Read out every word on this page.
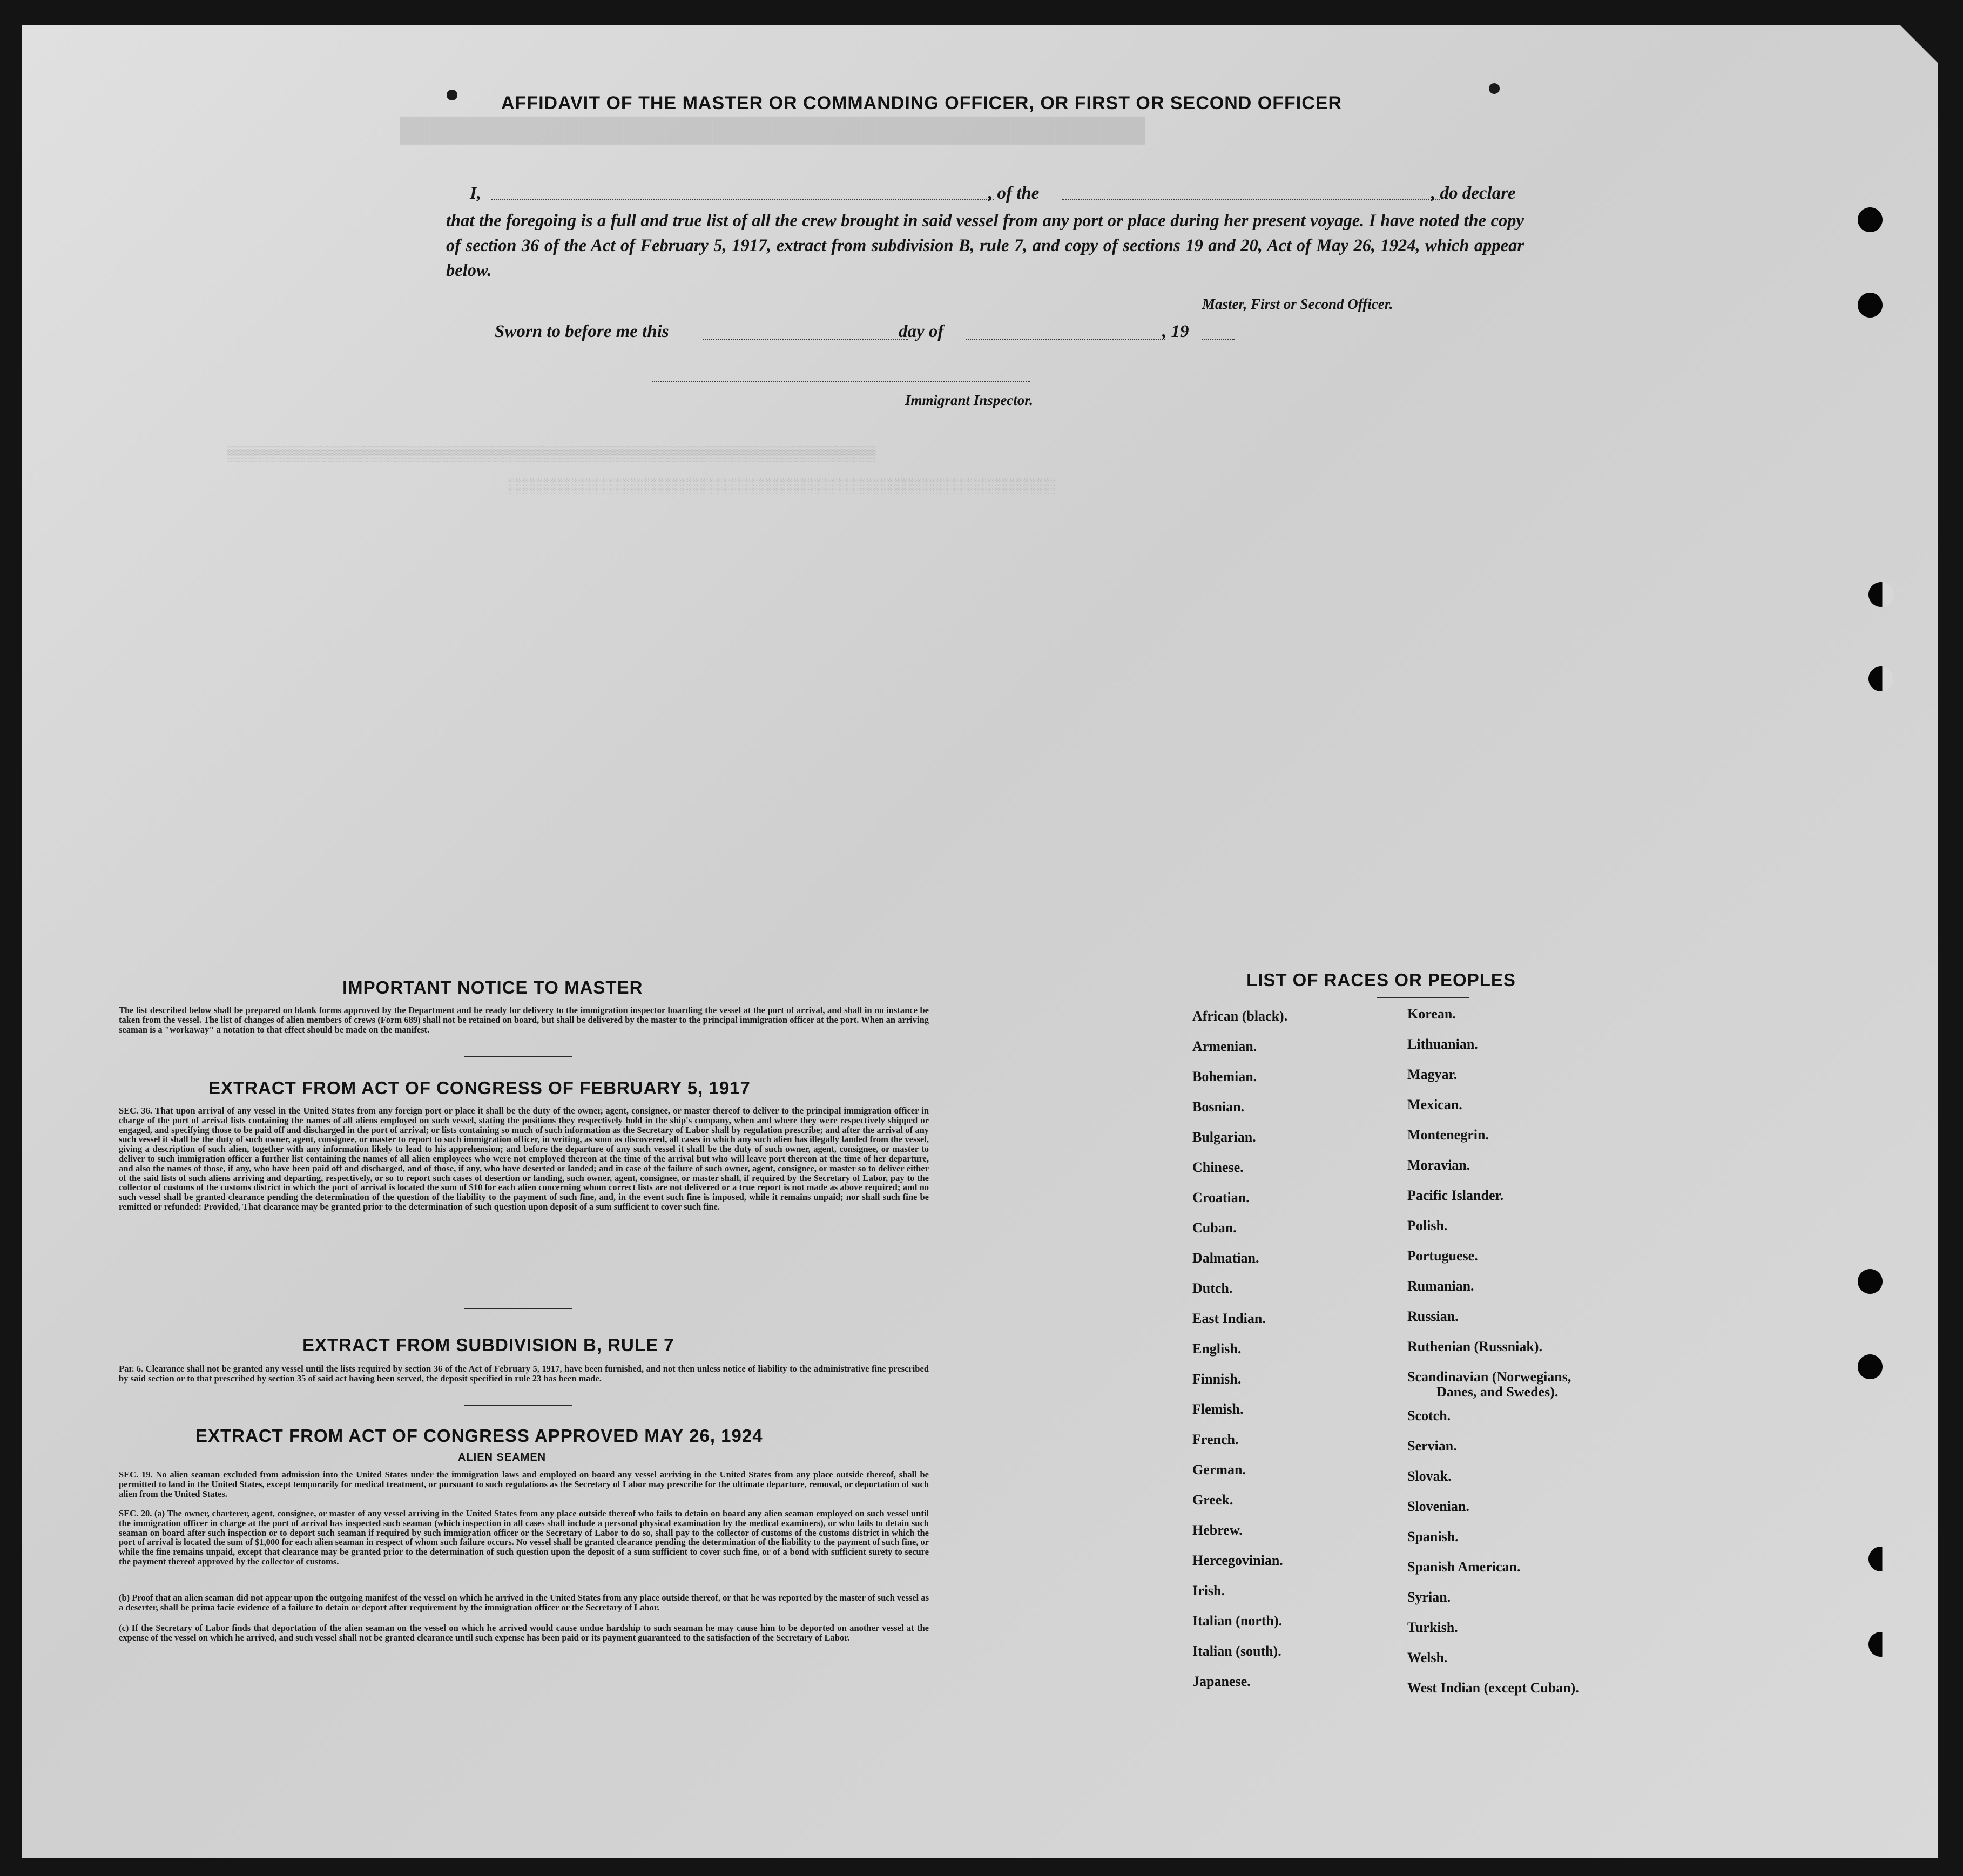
██████████████████████████████████████████████████
▒▒▒▒▒▒▒▒▒▒▒▒▒▒▒▒▒▒▒▒▒▒▒▒▒▒▒▒▒▒▒▒▒▒▒▒▒▒▒▒▒▒▒▒▒▒▒▒▒▒▒▒▒▒▒▒▒▒▒▒▒▒▒▒▒▒▒▒▒▒▒▒▒▒▒▒▒
░░░░░░░░░░░░░░░░░░░░░░░░░░░░░░░░░░░░░░░░░░░░░░░░░░░░░░░░░░░░░░░░░
AFFIDAVIT OF THE MASTER OR COMMANDING OFFICER, OR FIRST OR SECOND OFFICER
I,	, of the	, do declare

that the foregoing is a full and true list of all the crew brought in said vessel from any port or place during her present voyage. I have noted the copy of section 36 of the Act of February 5, 1917, extract from subdivision B, rule 7, and copy of sections 19 and 20, Act of May 26, 1924, which appear below.

Master, First or Second Officer.
Sworn to before me this	day of	, 19
Immigrant Inspector.
IMPORTANT NOTICE TO MASTER

The list described below shall be prepared on blank forms approved by the Department and be ready for delivery to the immigration inspector boarding the vessel at the port of arrival, and shall in no instance be taken from the vessel. The list of changes of alien members of crews (Form 689) shall not be retained on board, but shall be delivered by the master to the principal immigration officer at the port. When an arriving seaman is a "workaway" a notation to that effect should be made on the manifest.

EXTRACT FROM ACT OF CONGRESS OF FEBRUARY 5, 1917

SEC. 36. That upon arrival of any vessel in the United States from any foreign port or place it shall be the duty of the owner, agent, consignee, or master thereof to deliver to the principal immigration officer in charge of the port of arrival lists containing the names of all aliens employed on such vessel, stating the positions they respectively hold in the ship's company, when and where they were respectively shipped or engaged, and specifying those to be paid off and discharged in the port of arrival; or lists containing so much of such information as the Secretary of Labor shall by regulation prescribe; and after the arrival of any such vessel it shall be the duty of such owner, agent, consignee, or master to report to such immigration officer, in writing, as soon as discovered, all cases in which any such alien has illegally landed from the vessel, giving a description of such alien, together with any information likely to lead to his apprehension; and before the departure of any such vessel it shall be the duty of such owner, agent, consignee, or master to deliver to such immigration officer a further list containing the names of all alien employees who were not employed thereon at the time of the arrival but who will leave port thereon at the time of her departure, and also the names of those, if any, who have been paid off and discharged, and of those, if any, who have deserted or landed; and in case of the failure of such owner, agent, consignee, or master so to deliver either of the said lists of such aliens arriving and departing, respectively, or so to report such cases of desertion or landing, such owner, agent, consignee, or master shall, if required by the Secretary of Labor, pay to the collector of customs of the customs district in which the port of arrival is located the sum of $10 for each alien concerning whom correct lists are not delivered or a true report is not made as above required; and no such vessel shall be granted clearance pending the determination of the question of the liability to the payment of such fine, and, in the event such fine is imposed, while it remains unpaid; nor shall such fine be remitted or refunded: Provided, That clearance may be granted prior to the determination of such question upon deposit of a sum sufficient to cover such fine.

EXTRACT FROM SUBDIVISION B, RULE 7

Par. 6. Clearance shall not be granted any vessel until the lists required by section 36 of the Act of February 5, 1917, have been furnished, and not then unless notice of liability to the administrative fine prescribed by said section or to that prescribed by section 35 of said act having been served, the deposit specified in rule 23 has been made.

EXTRACT FROM ACT OF CONGRESS APPROVED MAY 26, 1924
ALIEN SEAMEN

SEC. 19. No alien seaman excluded from admission into the United States under the immigration laws and employed on board any vessel arriving in the United States from any place outside thereof, shall be permitted to land in the United States, except temporarily for medical treatment, or pursuant to such regulations as the Secretary of Labor may prescribe for the ultimate departure, removal, or deportation of such alien from the United States.

SEC. 20. (a) The owner, charterer, agent, consignee, or master of any vessel arriving in the United States from any place outside thereof who fails to detain on board any alien seaman employed on such vessel until the immigration officer in charge at the port of arrival has inspected such seaman (which inspection in all cases shall include a personal physical examination by the medical examiners), or who fails to detain such seaman on board after such inspection or to deport such seaman if required by such immigration officer or the Secretary of Labor to do so, shall pay to the collector of customs of the customs district in which the port of arrival is located the sum of $1,000 for each alien seaman in respect of whom such failure occurs. No vessel shall be granted clearance pending the determination of the liability to the payment of such fine, or while the fine remains unpaid, except that clearance may be granted prior to the determination of such question upon the deposit of a sum sufficient to cover such fine, or of a bond with sufficient surety to secure the payment thereof approved by the collector of customs.

(b) Proof that an alien seaman did not appear upon the outgoing manifest of the vessel on which he arrived in the United States from any place outside thereof, or that he was reported by the master of such vessel as a deserter, shall be prima facie evidence of a failure to detain or deport after requirement by the immigration officer or the Secretary of Labor.

(c) If the Secretary of Labor finds that deportation of the alien seaman on the vessel on which he arrived would cause undue hardship to such seaman he may cause him to be deported on another vessel at the expense of the vessel on which he arrived, and such vessel shall not be granted clearance until such expense has been paid or its payment guaranteed to the satisfaction of the Secretary of Labor.

LIST OF RACES OR PEOPLES
African (black).
Armenian.
Bohemian.
Bosnian.
Bulgarian.
Chinese.
Croatian.
Cuban.
Dalmatian.
Dutch.
East Indian.
English.
Finnish.
Flemish.
French.
German.
Greek.
Hebrew.
Hercegovinian.
Irish.
Italian (north).
Italian (south).
Japanese.
Korean.
Lithuanian.
Magyar.
Mexican.
Montenegrin.
Moravian.
Pacific Islander.
Polish.
Portuguese.
Rumanian.
Russian.
Ruthenian (Russniak).
Scandinavian (Norwegians,
Danes, and Swedes).
Scotch.
Servian.
Slovak.
Slovenian.
Spanish.
Spanish American.
Syrian.
Turkish.
Welsh.
West Indian (except Cuban).
